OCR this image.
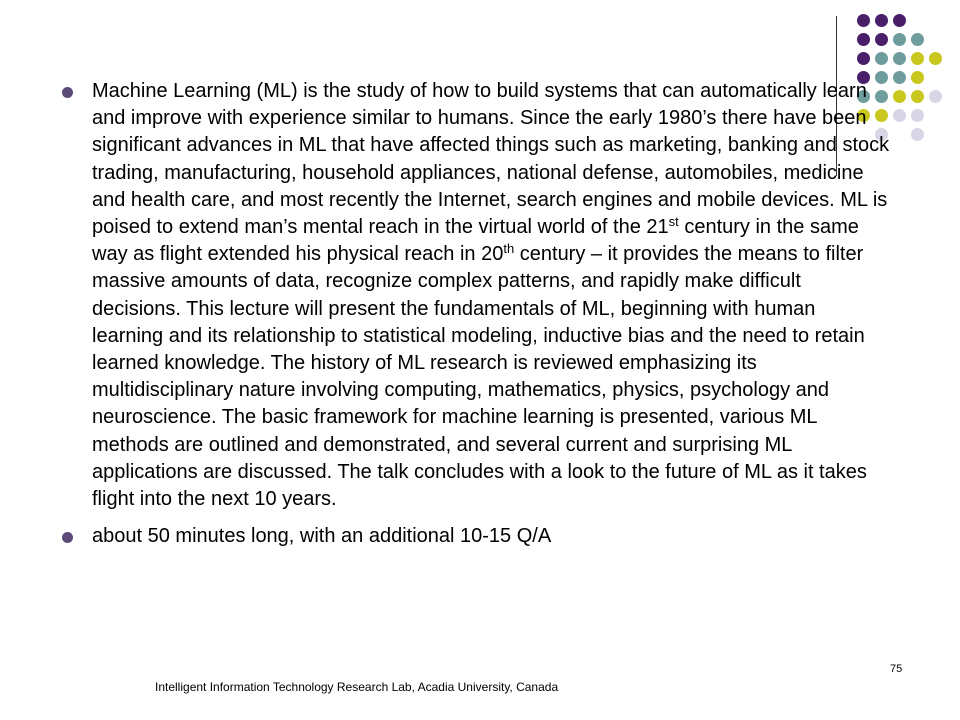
Machine Learning (ML) is the study of how to build systems that can automatically learn and improve with experience similar to humans. Since the early 1980’s there have been significant advances in ML that have affected things such as marketing, banking and stock trading, manufacturing, household appliances, national defense, automobiles, medicine and health care, and most recently the Internet, search engines and mobile devices. ML is poised to extend man’s mental reach in the virtual world of the 21st century in the same way as flight extended his physical reach in 20th century – it provides the means to filter massive amounts of data, recognize complex patterns, and rapidly make difficult decisions. This lecture will present the fundamentals of ML, beginning with human learning and its relationship to statistical modeling, inductive bias and the need to retain learned knowledge. The history of ML research is reviewed emphasizing its multidisciplinary nature involving computing, mathematics, physics, psychology and neuroscience. The basic framework for machine learning is presented, various ML methods are outlined and demonstrated, and several current and surprising ML applications are discussed. The talk concludes with a look to the future of ML as it takes flight into the next 10 years.
about 50 minutes long, with an additional 10-15 Q/A
75
Intelligent Information Technology Research Lab, Acadia University, Canada
